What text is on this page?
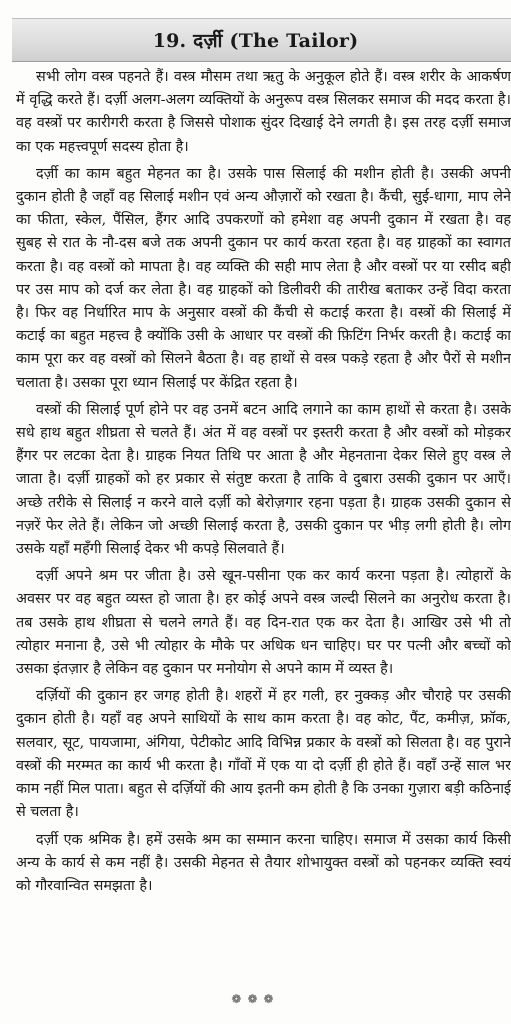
19. दर्ज़ी (The Tailor)

सभी लोग वस्त्र पहनते हैं। वस्त्र मौसम तथा ऋतु के अनुकूल होते हैं। वस्त्र शरीर के आकर्षण में वृद्धि करते हैं। दर्ज़ी अलग-अलग व्यक्तियों के अनुरूप वस्त्र सिलकर समाज की मदद करता है। वह वस्त्रों पर कारीगरी करता है जिससे पोशाक सुंदर दिखाई देने लगती है। इस तरह दर्ज़ी समाज का एक महत्त्वपूर्ण सदस्य होता है।

दर्ज़ी का काम बहुत मेहनत का है। उसके पास सिलाई की मशीन होती है। उसकी अपनी दुकान होती है जहाँ वह सिलाई मशीन एवं अन्य औज़ारों को रखता है। कैंची, सुई-धागा, माप लेने का फीता, स्केल, पैंसिल, हैंगर आदि उपकरणों को हमेशा वह अपनी दुकान में रखता है। वह सुबह से रात के नौ-दस बजे तक अपनी दुकान पर कार्य करता रहता है। वह ग्राहकों का स्वागत करता है। वह वस्त्रों को मापता है। वह व्यक्ति की सही माप लेता है और वस्त्रों पर या रसीद बही पर उस माप को दर्ज कर लेता है। वह ग्राहकों को डिलीवरी की तारीख बताकर उन्हें विदा करता है। फिर वह निर्धारित माप के अनुसार वस्त्रों की कैंची से कटाई करता है। वस्त्रों की सिलाई में कटाई का बहुत महत्त्व है क्योंकि उसी के आधार पर वस्त्रों की फ़िटिंग निर्भर करती है। कटाई का काम पूरा कर वह वस्त्रों को सिलने बैठता है। वह हाथों से वस्त्र पकड़े रहता है और पैरों से मशीन चलाता है। उसका पूरा ध्यान सिलाई पर केंद्रित रहता है।

वस्त्रों की सिलाई पूर्ण होने पर वह उनमें बटन आदि लगाने का काम हाथों से करता है। उसके सधे हाथ बहुत शीघ्रता से चलते हैं। अंत में वह वस्त्रों पर इस्तरी करता है और वस्त्रों को मोड़कर हैंगर पर लटका देता है। ग्राहक नियत तिथि पर आता है और मेहनताना देकर सिले हुए वस्त्र ले जाता है। दर्ज़ी ग्राहकों को हर प्रकार से संतुष्ट करता है ताकि वे दुबारा उसकी दुकान पर आएँ। अच्छे तरीके से सिलाई न करने वाले दर्ज़ी को बेरोज़गार रहना पड़ता है। ग्राहक उसकी दुकान से नज़रें फेर लेते हैं। लेकिन जो अच्छी सिलाई करता है, उसकी दुकान पर भीड़ लगी होती है। लोग उसके यहाँ महँगी सिलाई देकर भी कपड़े सिलवाते हैं।

दर्ज़ी अपने श्रम पर जीता है। उसे खून-पसीना एक कर कार्य करना पड़ता है। त्योहारों के अवसर पर वह बहुत व्यस्त हो जाता है। हर कोई अपने वस्त्र जल्दी सिलने का अनुरोध करता है। तब उसके हाथ शीघ्रता से चलने लगते हैं। वह दिन-रात एक कर देता है। आखिर उसे भी तो त्योहार मनाना है, उसे भी त्योहार के मौके पर अधिक धन चाहिए। घर पर पत्नी और बच्चों को उसका इंतज़ार है लेकिन वह दुकान पर मनोयोग से अपने काम में व्यस्त है।

दर्ज़ियों की दुकान हर जगह होती है। शहरों में हर गली, हर नुक्कड़ और चौराहे पर उसकी दुकान होती है। यहाँ वह अपने साथियों के साथ काम करता है। वह कोट, पैंट, कमीज़, फ्रॉक, सलवार, सूट, पायजामा, अंगिया, पेटीकोट आदि विभिन्न प्रकार के वस्त्रों को सिलता है। वह पुराने वस्त्रों की मरम्मत का कार्य भी करता है। गाँवों में एक या दो दर्ज़ी ही होते हैं। वहाँ उन्हें साल भर काम नहीं मिल पाता। बहुत से दर्ज़ियों की आय इतनी कम होती है कि उनका गुज़ारा बड़ी कठिनाई से चलता है।

दर्ज़ी एक श्रमिक है। हमें उसके श्रम का सम्मान करना चाहिए। समाज में उसका कार्य किसी अन्य के कार्य से कम नहीं है। उसकी मेहनत से तैयार शोभायुक्त वस्त्रों को पहनकर व्यक्ति स्वयं को गौरवान्वित समझता है।

❁❁❁
